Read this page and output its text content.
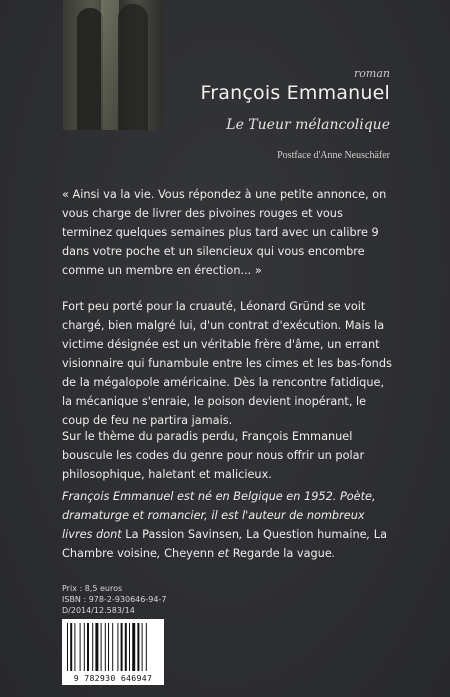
roman
François Emmanuel
Le Tueur mélancolique
Postface d'Anne Neuschäfer
« Ainsi va la vie. Vous répondez à une petite annonce, on vous charge de livrer des pivoines rouges et vous terminez quelques semaines plus tard avec un calibre 9 dans votre poche et un silencieux qui vous encombre comme un membre en érection... »
Fort peu porté pour la cruauté, Léonard Gründ se voit chargé, bien malgré lui, d'un contrat d'exécution. Mais la victime désignée est un véritable frère d'âme, un errant visionnaire qui funambule entre les cimes et les bas-fonds de la mégalopole américaine. Dès la rencontre fatidique, la mécanique s'enraie, le poison devient inopérant, le coup de feu ne partira jamais.
Sur le thème du paradis perdu, François Emmanuel bouscule les codes du genre pour nous offrir un polar philosophique, haletant et malicieux.
François Emmanuel est né en Belgique en 1952. Poète, dramaturge et romancier, il est l'auteur de nombreux livres dont La Passion Savinsen, La Question humaine, La Chambre voisine, Cheyenn et Regarde la vague.
Prix : 8,5 euros
ISBN : 978-2-930646-94-7
D/2014/12.583/14
9 782930 646947
